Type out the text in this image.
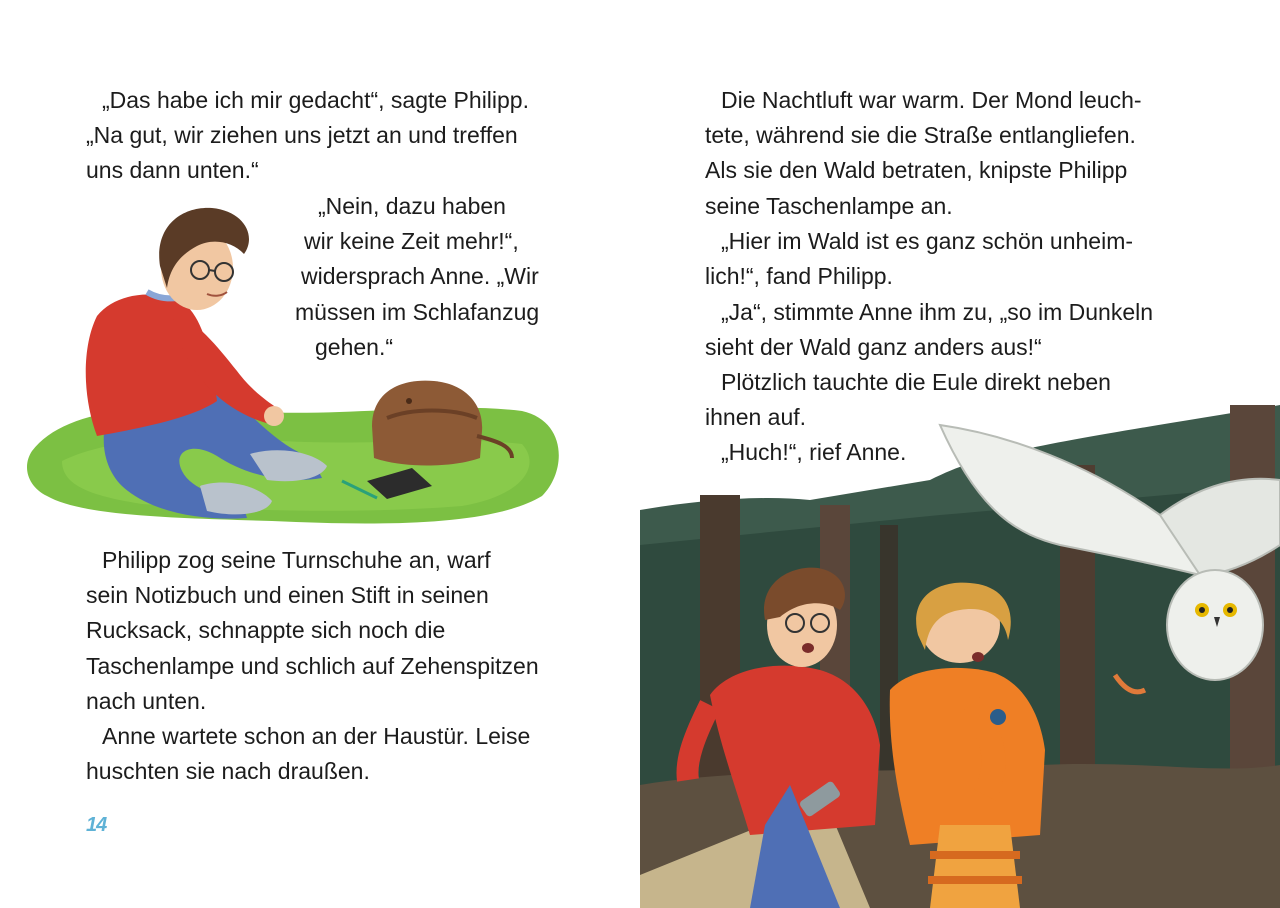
„Das habe ich mir gedacht“, sagte Philipp.
„Na gut, wir ziehen uns jetzt an und treffen
uns dann unten.“
„Nein, dazu haben
wir keine Zeit mehr!“,
widersprach Anne. „Wir
müssen im Schlafanzug
gehen.“
Philipp zog seine Turnschuhe an, warf
sein Notizbuch und einen Stift in seinen
Rucksack, schnappte sich noch die
Taschenlampe und schlich auf Zehenspitzen
nach unten.
Anne wartete schon an der Haustür. Leise
huschten sie nach draußen.
14
Die Nachtluft war warm. Der Mond leuch-
tete, während sie die Straße entlangliefen.
Als sie den Wald betraten, knipste Philipp
seine Taschenlampe an.
„Hier im Wald ist es ganz schön unheim-
lich!“, fand Philipp.
„Ja“, stimmte Anne ihm zu, „so im Dunkeln
sieht der Wald ganz anders aus!“
Plötzlich tauchte die Eule direkt neben
ihnen auf.
„Huch!“, rief Anne.
